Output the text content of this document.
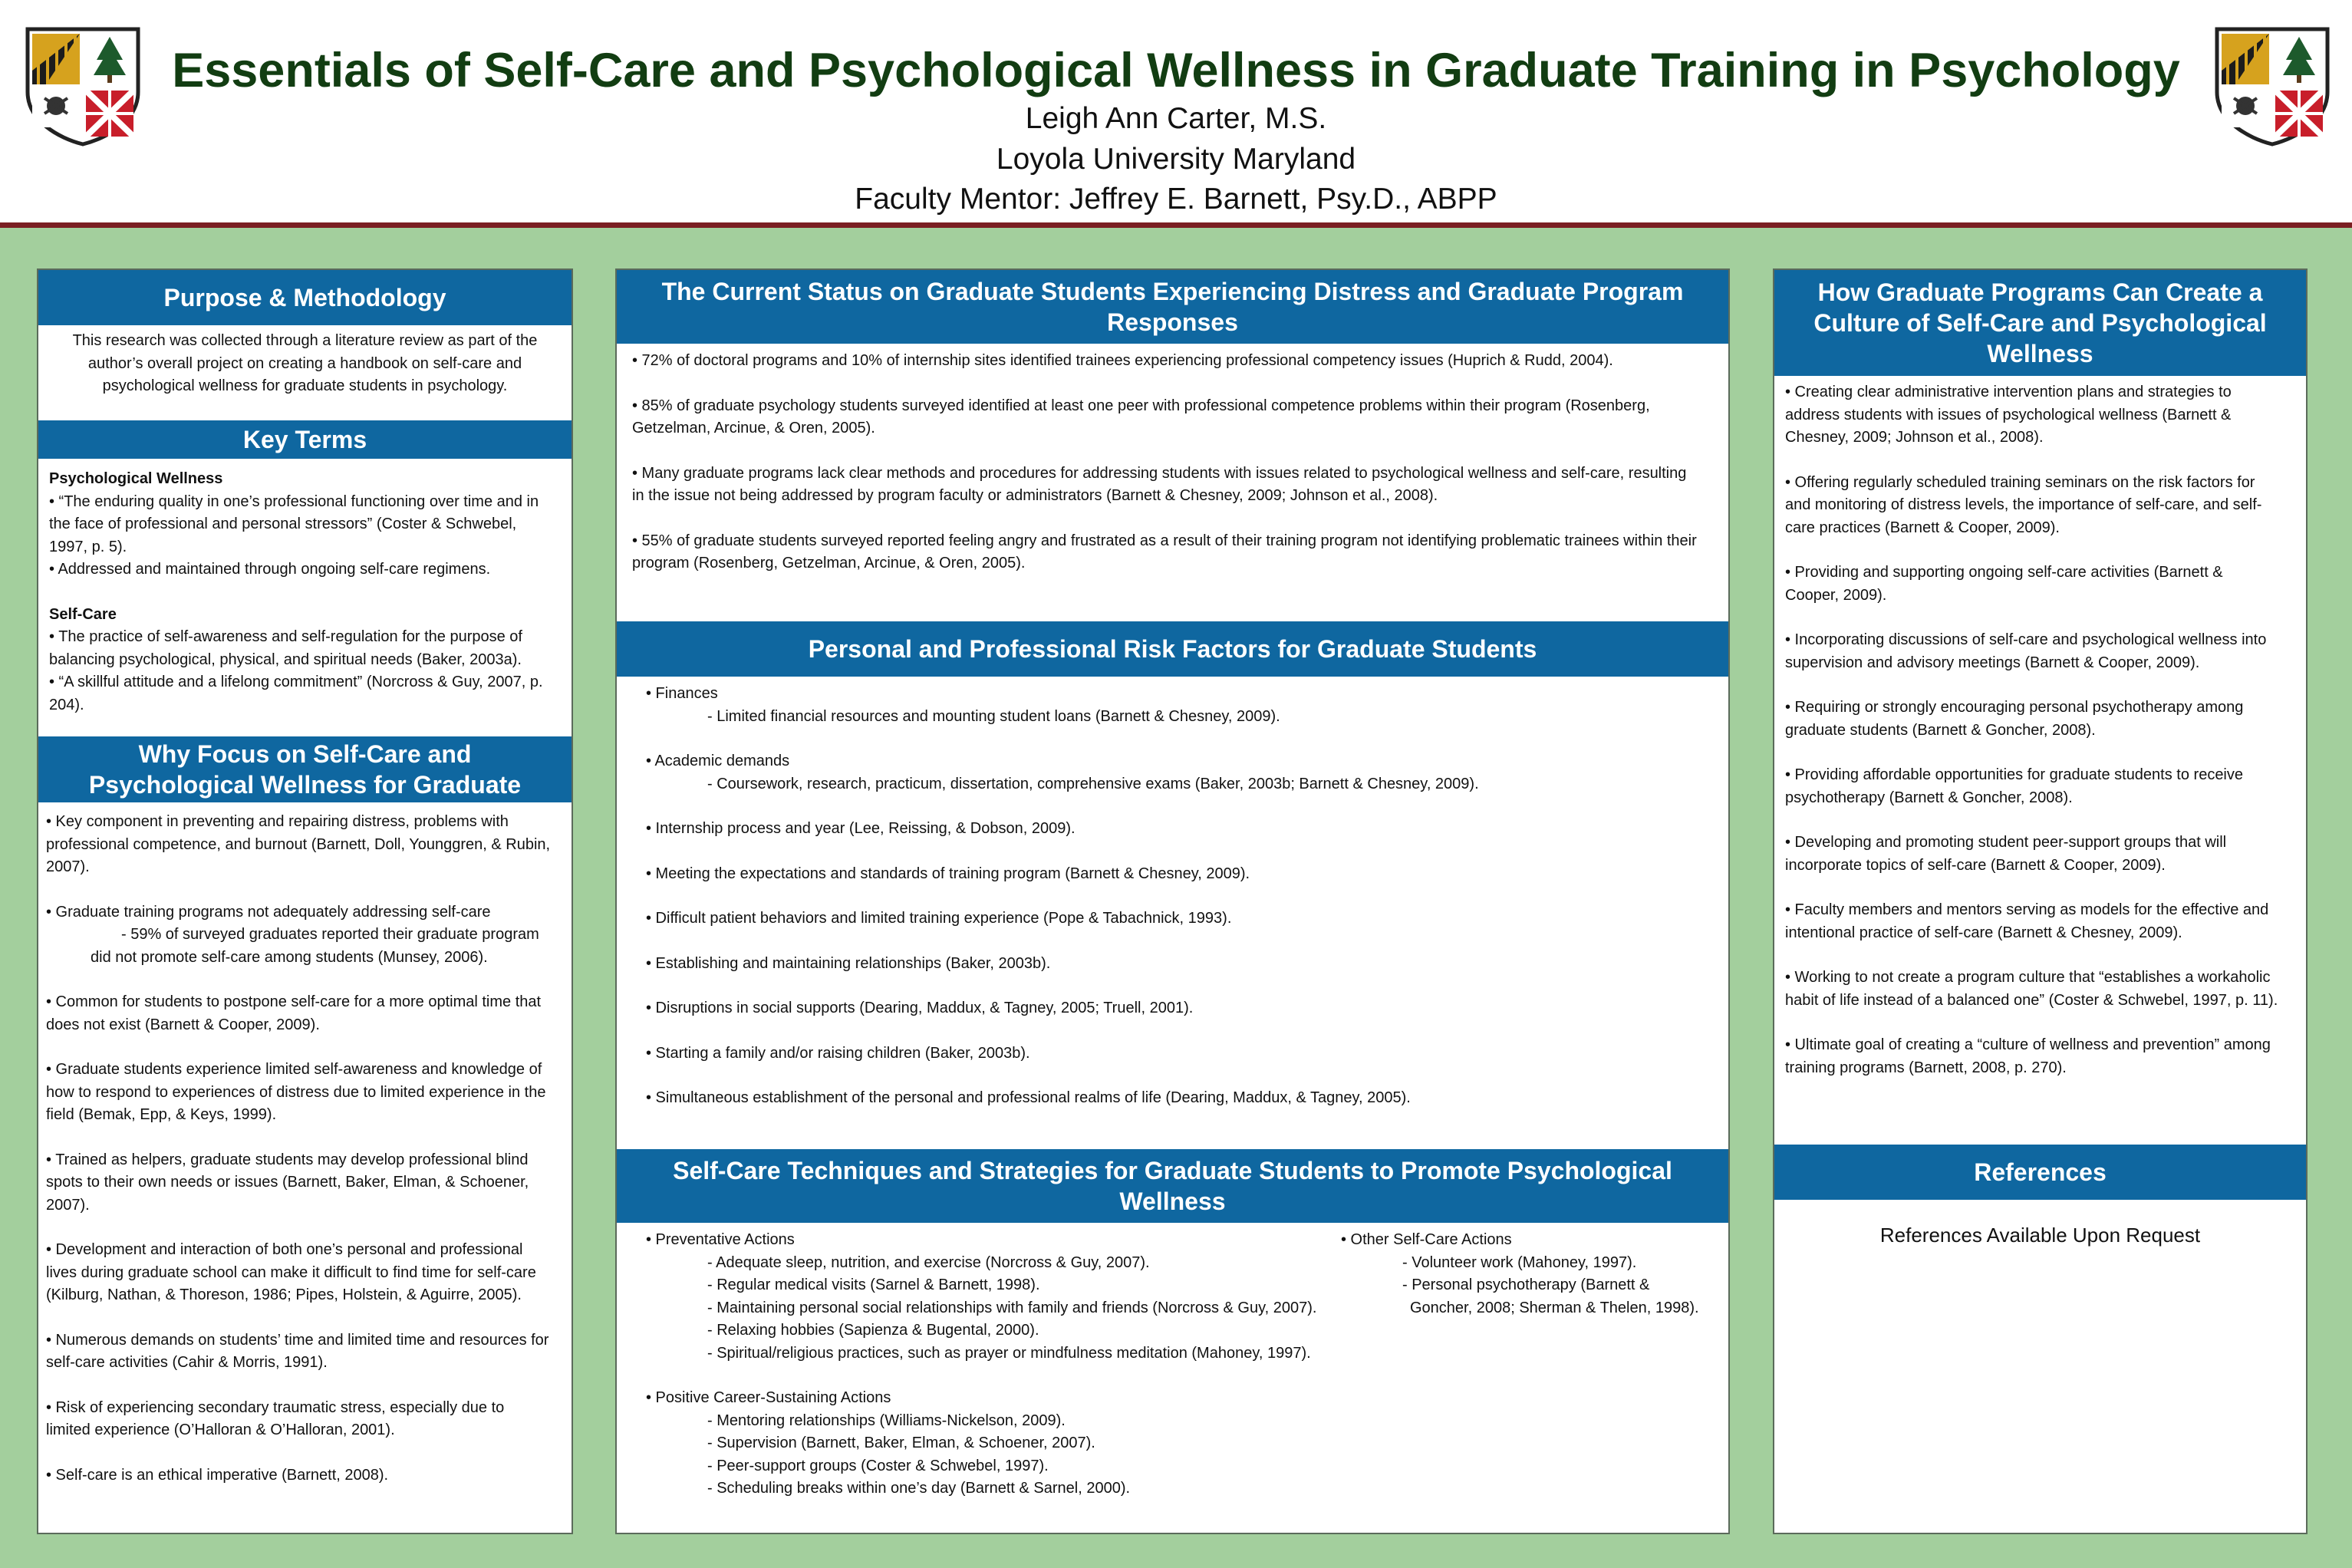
Essentials of Self-Care and Psychological Wellness in Graduate Training in Psychology
Leigh Ann Carter, M.S.
Loyola University Maryland
Faculty Mentor: Jeffrey E. Barnett, Psy.D., ABPP
Purpose & Methodology

This research was collected through a literature review as part of the

author’s overall project on creating a handbook on self-care and

psychological wellness for graduate students in psychology.

Key Terms

Psychological Wellness

• “The enduring quality in one’s professional functioning over time and in

the face of professional and personal stressors” (Coster & Schwebel,

1997, p. 5).

• Addressed and maintained through ongoing self-care regimens.

Self-Care

• The practice of self-awareness and self-regulation for the purpose of

balancing psychological, physical, and spiritual needs (Baker, 2003a).

• “A skillful attitude and a lifelong commitment” (Norcross & Guy, 2007, p.

204).

Why Focus on Self-Care and
Psychological Wellness for Graduate

• Key component in preventing and repairing distress, problems with

professional competence, and burnout (Barnett, Doll, Younggren, & Rubin,

2007).

• Graduate training programs not adequately addressing self-care

- 59% of surveyed graduates reported their graduate program

did not promote self-care among students (Munsey, 2006).

• Common for students to postpone self-care for a more optimal time that

does not exist (Barnett & Cooper, 2009).

• Graduate students experience limited self-awareness and knowledge of

how to respond to experiences of distress due to limited experience in the

field (Bemak, Epp, & Keys, 1999).

• Trained as helpers, graduate students may develop professional blind

spots to their own needs or issues (Barnett, Baker, Elman, & Schoener,

2007).

• Development and interaction of both one’s personal and professional

lives during graduate school can make it difficult to find time for self-care

(Kilburg, Nathan, & Thoreson, 1986; Pipes, Holstein, & Aguirre, 2005).

• Numerous demands on students’ time and limited time and resources for

self-care activities (Cahir & Morris, 1991).

• Risk of experiencing secondary traumatic stress, especially due to

limited experience (O’Halloran & O’Halloran, 2001).

• Self-care is an ethical imperative (Barnett, 2008).

The Current Status on Graduate Students Experiencing Distress and Graduate Program
Responses

• 72% of doctoral programs and 10% of internship sites identified trainees experiencing professional competency issues (Huprich & Rudd, 2004).

• 85% of graduate psychology students surveyed identified at least one peer with professional competence problems within their program (Rosenberg,

Getzelman, Arcinue, & Oren, 2005).

• Many graduate programs lack clear methods and procedures for addressing students with issues related to psychological wellness and self-care, resulting

in the issue not being addressed by program faculty or administrators (Barnett & Chesney, 2009; Johnson et al., 2008).

• 55% of graduate students surveyed reported feeling angry and frustrated as a result of their training program not identifying problematic trainees within their

program (Rosenberg, Getzelman, Arcinue, & Oren, 2005).

Personal and Professional Risk Factors for Graduate Students

• Finances

- Limited financial resources and mounting student loans (Barnett & Chesney, 2009).

• Academic demands

- Coursework, research, practicum, dissertation, comprehensive exams (Baker, 2003b; Barnett & Chesney, 2009).

• Internship process and year (Lee, Reissing, & Dobson, 2009).

• Meeting the expectations and standards of training program (Barnett & Chesney, 2009).

• Difficult patient behaviors and limited training experience (Pope & Tabachnick, 1993).

• Establishing and maintaining relationships (Baker, 2003b).

• Disruptions in social supports (Dearing, Maddux, & Tagney, 2005; Truell, 2001).

• Starting a family and/or raising children (Baker, 2003b).

• Simultaneous establishment of the personal and professional realms of life (Dearing, Maddux, & Tagney, 2005).

Self-Care Techniques and Strategies for Graduate Students to Promote Psychological
Wellness

• Preventative Actions

- Adequate sleep, nutrition, and exercise (Norcross & Guy, 2007).

- Regular medical visits (Sarnel & Barnett, 1998).

- Maintaining personal social relationships with family and friends (Norcross & Guy, 2007).

- Relaxing hobbies (Sapienza & Bugental, 2000).

- Spiritual/religious practices, such as prayer or mindfulness meditation (Mahoney, 1997).

• Positive Career-Sustaining Actions

- Mentoring relationships (Williams-Nickelson, 2009).

- Supervision (Barnett, Baker, Elman, & Schoener, 2007).

- Peer-support groups (Coster & Schwebel, 1997).

- Scheduling breaks within one’s day (Barnett & Sarnel, 2000).

• Other Self-Care Actions

- Volunteer work (Mahoney, 1997).

- Personal psychotherapy (Barnett &

Goncher, 2008; Sherman & Thelen, 1998).

How Graduate Programs Can Create a
Culture of Self-Care and Psychological
Wellness

• Creating clear administrative intervention plans and strategies to

address students with issues of psychological wellness (Barnett &

Chesney, 2009; Johnson et al., 2008).

• Offering regularly scheduled training seminars on the risk factors for

and monitoring of distress levels, the importance of self-care, and self-

care practices (Barnett & Cooper, 2009).

• Providing and supporting ongoing self-care activities (Barnett &

Cooper, 2009).

• Incorporating discussions of self-care and psychological wellness into

supervision and advisory meetings (Barnett & Cooper, 2009).

• Requiring or strongly encouraging personal psychotherapy among

graduate students (Barnett & Goncher, 2008).

• Providing affordable opportunities for graduate students to receive

psychotherapy (Barnett & Goncher, 2008).

• Developing and promoting student peer-support groups that will

incorporate topics of self-care (Barnett & Cooper, 2009).

• Faculty members and mentors serving as models for the effective and

intentional practice of self-care (Barnett & Chesney, 2009).

• Working to not create a program culture that “establishes a workaholic

habit of life instead of a balanced one” (Coster & Schwebel, 1997, p. 11).

• Ultimate goal of creating a “culture of wellness and prevention” among

training programs (Barnett, 2008, p. 270).

References
References Available Upon Request
